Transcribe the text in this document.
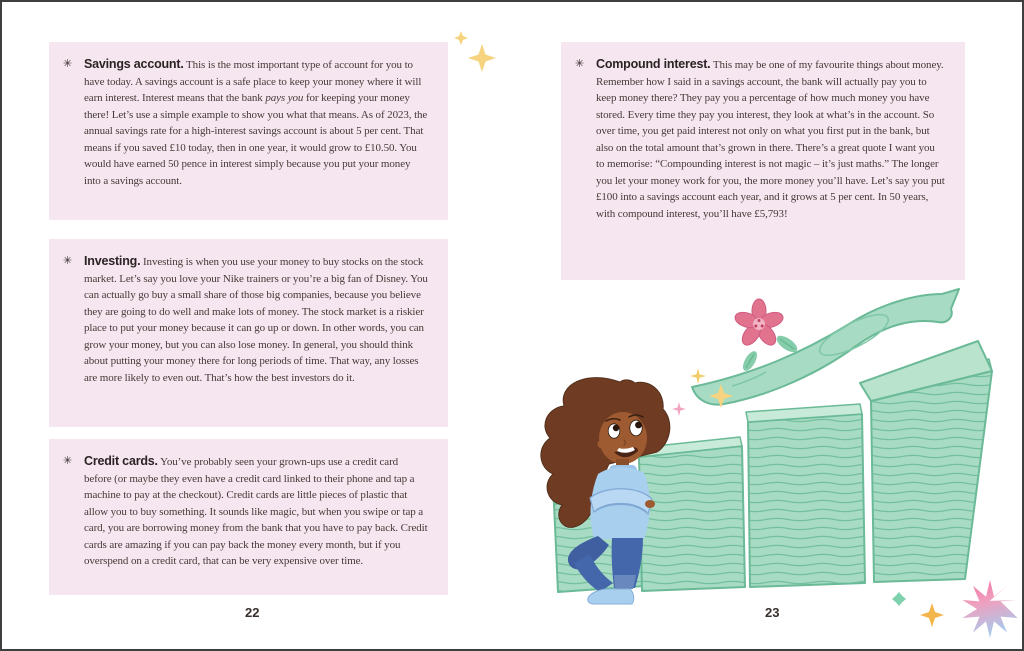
✳ Savings account. This is the most important type of account for you to have today. A savings account is a safe place to keep your money where it will earn interest. Interest means that the bank pays you for keeping your money there! Let’s use a simple example to show you what that means. As of 2023, the annual savings rate for a high-interest savings account is about 5 per cent. That means if you saved £10 today, then in one year, it would grow to £10.50. You would have earned 50 pence in interest simply because you put your money into a savings account.

✳ Investing. Investing is when you use your money to buy stocks on the stock market. Let’s say you love your Nike trainers or you’re a big fan of Disney. You can actually go buy a small share of those big companies, because you believe they are going to do well and make lots of money. The stock market is a riskier place to put your money because it can go up or down. In other words, you can grow your money, but you can also lose money. In general, you should think about putting your money there for long periods of time. That way, any losses are more likely to even out. That’s how the best investors do it.

✳ Credit cards. You’ve probably seen your grown-ups use a credit card before (or maybe they even have a credit card linked to their phone and tap a machine to pay at the checkout). Credit cards are little pieces of plastic that allow you to buy something. It sounds like magic, but when you swipe or tap a card, you are borrowing money from the bank that you have to pay back. Credit cards are amazing if you can pay back the money every month, but if you overspend on a credit card, that can be very expensive over time.

22
✳ Compound interest. This may be one of my favourite things about money. Remember how I said in a savings account, the bank will actually pay you to keep money there? They pay you a percentage of how much money you have stored. Every time they pay you interest, they look at what’s in the account. So over time, you get paid interest not only on what you first put in the bank, but also on the total amount that’s grown in there. There’s a great quote I want you to memorise: “Compounding interest is not magic – it’s just maths.” The longer you let your money work for you, the more money you’ll have. Let’s say you put £100 into a savings account each year, and it grows at 5 per cent. In 50 years, with compound interest, you’ll have £5,793!

23
